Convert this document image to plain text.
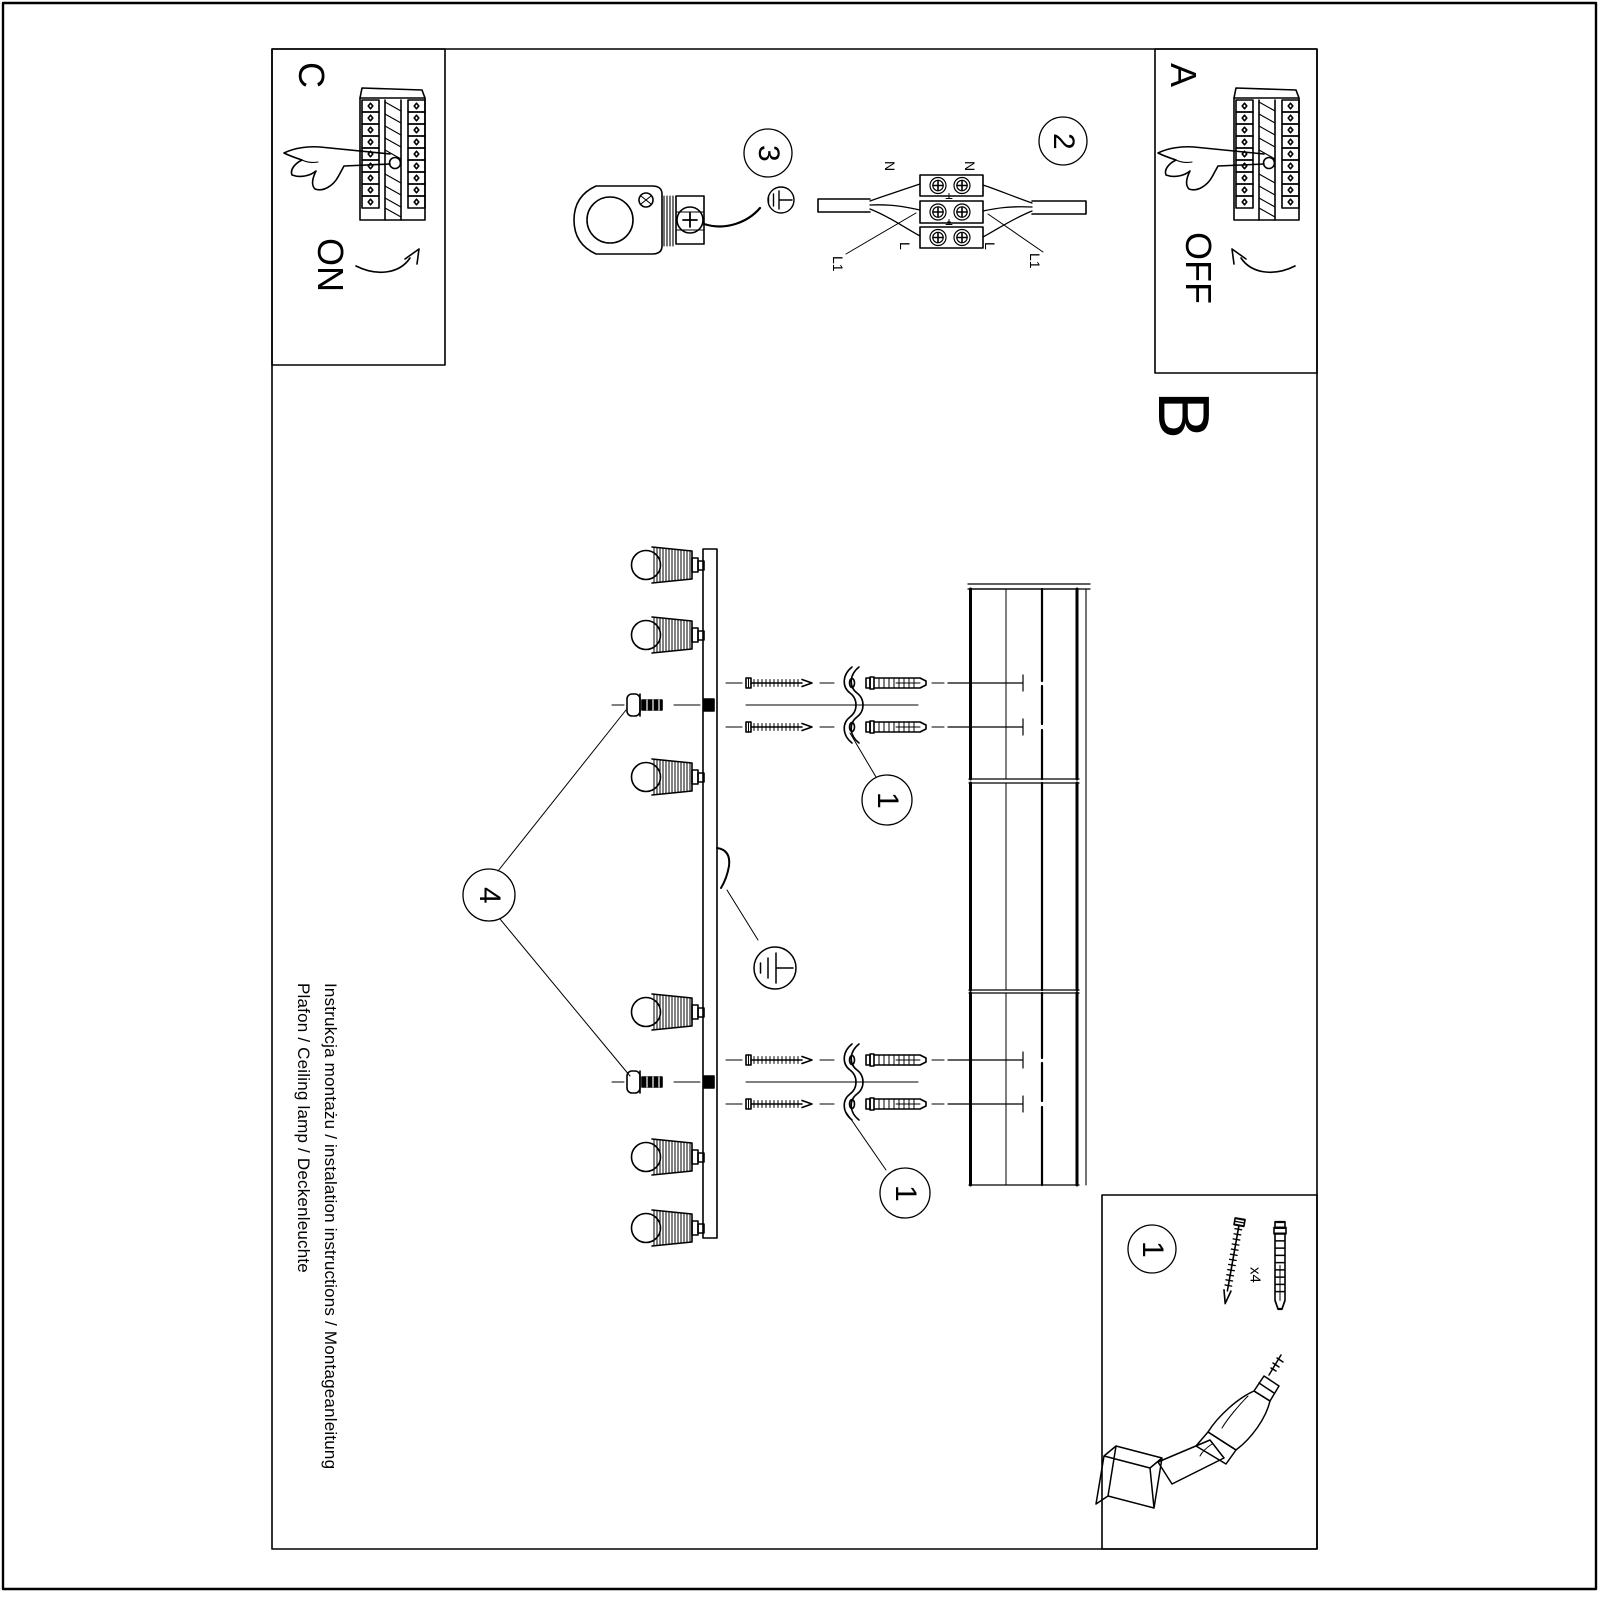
C
ON
A
OFF
B
3
2
4
1
1
1
N	N
L	L
L1	L1
x4
Instrukcja montażu / instalation instructions / Montageanleitung
Plafon / Ceiling lamp / Deckenleuchte
